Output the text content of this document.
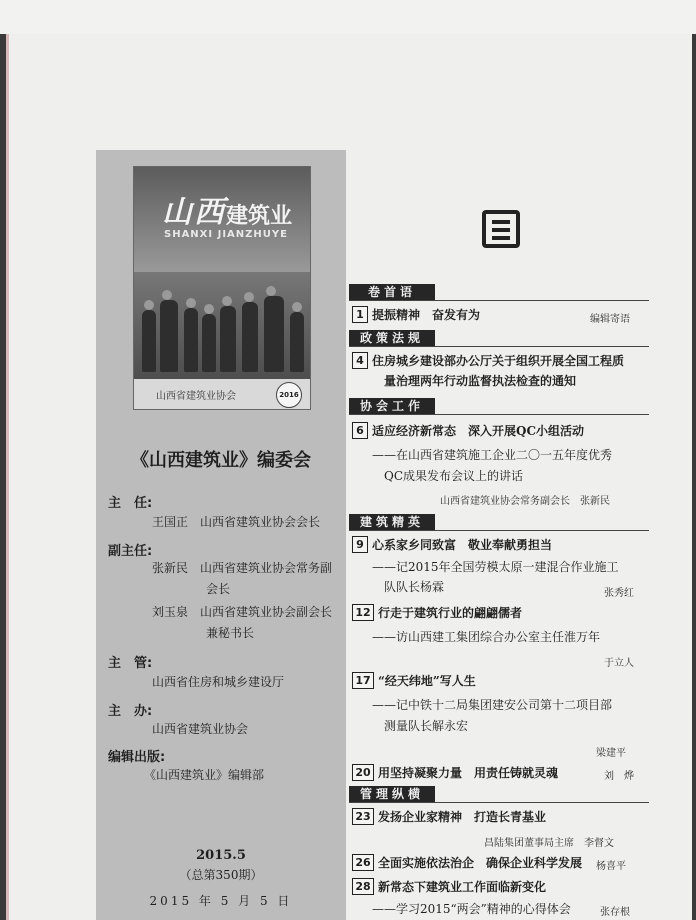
山西 建筑业
SHANXI JIANZHUYE
山西省建筑业协会	2016
《山西建筑业》编委会
主　任:
王国正　山西省建筑业协会会长
副主任:
张新民　山西省建筑业协会常务副
会长
刘玉泉　山西省建筑业协会副会长
兼秘书长
主　管:
山西省住房和城乡建设厅
主　办:
山西省建筑业协会
编辑出版:
《山西建筑业》编辑部
2015.5
（总第350期）
2015 年 5 月 5 日
卷首语
1 提振精神　奋发有为	编辑寄语
政策法规
4 住房城乡建设部办公厅关于组织开展全国工程质
量治理两年行动监督执法检查的通知
协会工作
6 适应经济新常态　深入开展QC小组活动
——在山西省建筑施工企业二〇一五年度优秀
QC成果发布会议上的讲话
山西省建筑业协会常务副会长　张新民
建筑精英
9 心系家乡同致富　敬业奉献勇担当
——记2015年全国劳模太原一建混合作业施工
队队长杨霖	张秀红
12 行走于建筑行业的翩翩儒者
——访山西建工集团综合办公室主任淮万年
于立人
17 “经天纬地”写人生
——记中铁十二局集团建安公司第十二项目部
测量队长解永宏
梁建平
20 用坚持凝聚力量　用责任铸就灵魂	刘　烨
管理纵横
23 发扬企业家精神　打造长青基业
昌陆集团董事局主席　李督文
26 全面实施依法治企　确保企业科学发展 杨喜平
28 新常态下建筑业工作面临新变化
——学习2015“两会”精神的心得体会	张存根
